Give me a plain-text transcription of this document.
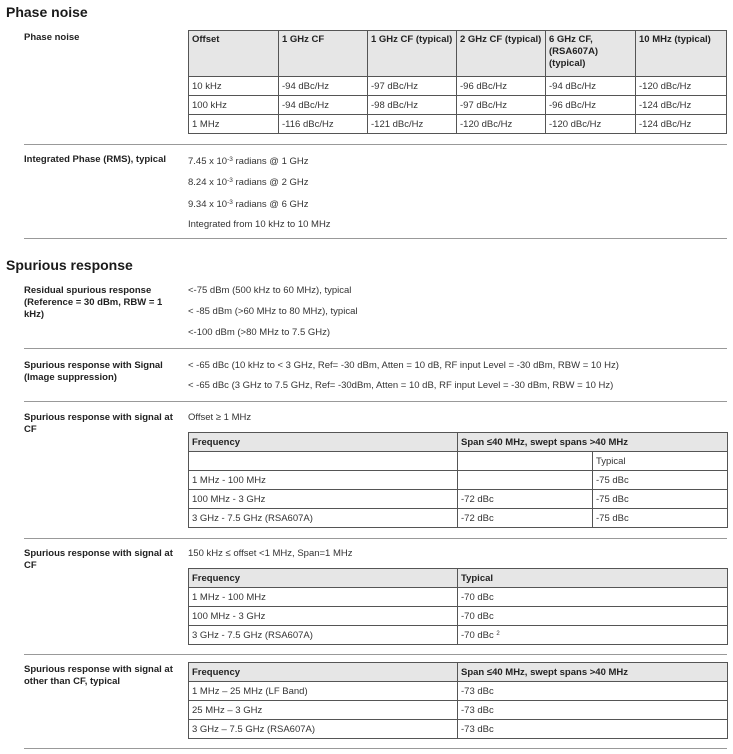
Phase noise
Phase noise	Offset	1 GHz CF	1 GHz CF (typical)	2 GHz CF (typical)	6 GHz CF, (RSA607A) (typical)	10 MHz (typical)
10 kHz	-94 dBc/Hz	-97 dBc/Hz	-96 dBc/Hz	-94 dBc/Hz	-120 dBc/Hz
100 kHz	-94 dBc/Hz	-98 dBc/Hz	-97 dBc/Hz	-96 dBc/Hz	-124 dBc/Hz
1 MHz	-116 dBc/Hz	-121 dBc/Hz	-120 dBc/Hz	-120 dBc/Hz	-124 dBc/Hz
Integrated Phase (RMS), typical	7.45 x $10^{-3}$ radians @ 1 GHz
8.24 x $10^{-3}$ radians @ 2 GHz
9.34 x $10^{-3}$ radians @ 6 GHz
Integrated from 10 kHz to 10 MHz
Spurious response
Residual spurious response (Reference = 30 dBm, RBW = 1 kHz)
<-75 dBm (500 kHz to 60 MHz), typical
< -85 dBm (>60 MHz to 80 MHz), typical
<-100 dBm (>80 MHz to 7.5 GHz)
Spurious response with Signal (Image suppression)
< -65 dBc (10 kHz to < 3 GHz, Ref= -30 dBm, Atten = 10 dB, RF input Level = -30 dBm, RBW = 10 Hz)
< -65 dBc (3 GHz to 7.5 GHz, Ref= -30dBm, Atten = 10 dB, RF input Level = -30 dBm, RBW = 10 Hz)
Spurious response with signal at CF
Offset ≥ 1 MHz
Frequency	Span ≤40 MHz, swept spans >40 MHz	
		Typical
1 MHz - 100 MHz		-75 dBc
100 MHz - 3 GHz	-72 dBc	-75 dBc
3 GHz - 7.5 GHz (RSA607A)	-72 dBc	-75 dBc
Spurious response with signal at CF
150 kHz ≤ offset <1 MHz, Span=1 MHz
Frequency	Typical
1 MHz - 100 MHz	-70 dBc
100 MHz - 3 GHz	-70 dBc
3 GHz - 7.5 GHz (RSA607A)	-70 dBc $^2$
Spurious response with signal at other than CF, typical
Frequency	Span ≤40 MHz, swept spans >40 MHz
1 MHz – 25 MHz (LF Band)	-73 dBc
25 MHz – 3 GHz	-73 dBc
3 GHz – 7.5 GHz (RSA607A)	-73 dBc
